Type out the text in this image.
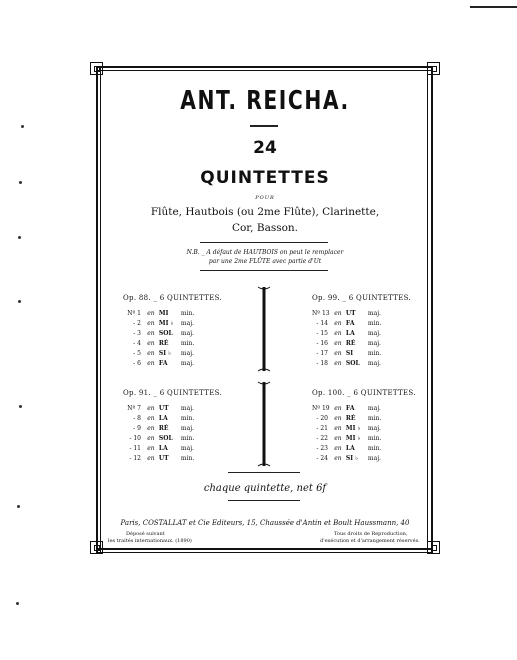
ANT. REICHA.
24
QUINTETTES
POUR
Flûte, Hautbois (ou 2me Flûte), Clarinette,
Cor, Basson.
N.B. _ A défaut de HAUTBOIS on peut le remplacer
par une 2me FLÛTE avec partie d'Ut
Op. 88. _ 6 QUINTETTES.
Nº 1 en MI min.
- 2 en MI ♭ maj.
- 3 en SOL maj.
- 4 en RÉ min.
- 5 en SI ♭ maj.
- 6 en FA maj.
Op. 99. _ 6 QUINTETTES.
Nº 13 en UT maj.
- 14 en FA min.
- 15 en LA maj.
- 16 en RÉ maj.
- 17 en SI min.
- 18 en SOL maj.
Op. 91. _ 6 QUINTETTES.
Nº 7 en UT maj.
- 8 en LA min.
- 9 en RÉ maj.
- 10 en SOL min.
- 11 en LA maj.
- 12 en UT min.
Op. 100. _ 6 QUINTETTES.
Nº 19 en FA maj.
- 20 en RÉ min.
- 21 en MI ♭ maj.
- 22 en MI ♭ min.
- 23 en LA min.
- 24 en SI ♭ maj.
chaque quintette, net 6f
Paris, COSTALLAT et Cie Editeurs, 15, Chaussée d'Antin et Boult Haussmann, 40
Déposé suivant
les traités internationaux. (1890)
Tous droits de Reproduction,
d'exécution et d'arrangement réservés.
